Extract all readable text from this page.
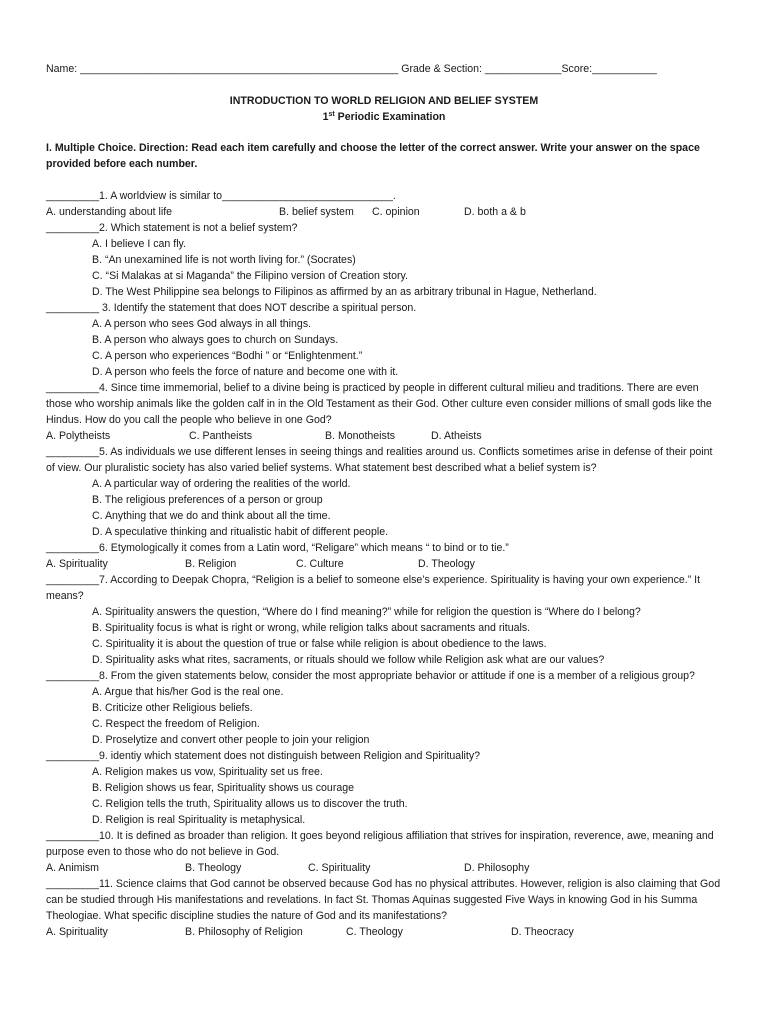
Name: ______________________________________________________ Grade & Section: _____________Score:___________
INTRODUCTION TO WORLD RELIGION AND BELIEF SYSTEM
1st Periodic Examination
I. Multiple Choice. Direction: Read each item carefully and choose the letter of the correct answer. Write your answer on the space provided before each number.
_________1. A worldview is similar to_____________________________.
A. understanding about life	B. belief system C. opinion	D. both a & b
_________2. Which statement is not a belief system?
A. I believe I can fly.
B. “An unexamined life is not worth living for.” (Socrates)
C. “Si Malakas at si Maganda” the Filipino version of Creation story.
D. The West Philippine sea belongs to Filipinos as affirmed by an as arbitrary tribunal in Hague, Netherland.
_________ 3. Identify the statement that does NOT describe a spiritual person.
A. A person who sees God always in all things.
B. A person who always goes to church on Sundays.
C. A person who experiences “Bodhi ” or “Enlightenment.”
D. A person who feels the force of nature and become one with it.
_________4. Since time immemorial, belief to a divine being is practiced by people in different cultural milieu and traditions. There are even those who worship animals like the golden calf in in the Old Testament as their God. Other culture even consider millions of small gods like the Hindus. How do you call the people who believe in one God?
A. Polytheists	C. Pantheists	B. Monotheists	D. Atheists
_________5. As individuals we use different lenses in seeing things and realities around us. Conflicts sometimes arise in defense of their point of view. Our pluralistic society has also varied belief systems. What statement best described what a belief system is?
A. A particular way of ordering the realities of the world.
B. The religious preferences of a person or group
C. Anything that we do and think about all the time.
D. A speculative thinking and ritualistic habit of different people.
_________6. Etymologically it comes from a Latin word, “Religare” which means “ to bind or to tie.”
A. Spirituality	B. Religion	C. Culture	D. Theology
_________7. According to Deepak Chopra, “Religion is a belief to someone else’s experience. Spirituality is having your own experience.” It means?
A. Spirituality answers the question, “Where do I find meaning?” while for religion the question is “Where do I belong?
B. Spirituality focus is what is right or wrong, while religion talks about sacraments and rituals.
C. Spirituality it is about the question of true or false while religion is about obedience to the laws.
D. Spirituality asks what rites, sacraments, or rituals should we follow while Religion ask what are our values?
_________8. From the given statements below, consider the most appropriate behavior or attitude if one is a member of a religious group?
A. Argue that his/her God is the real one.
B. Criticize other Religious beliefs.
C. Respect the freedom of Religion.
D. Proselytize and convert other people to join your religion
_________9. identiy which statement does not distinguish between Religion and Spirituality?
A. Religion makes us vow, Spirituality set us free.
B. Religion shows us fear, Spirituality shows us courage
C. Religion tells the truth, Spirituality allows us to discover the truth.
D. Religion is real Spirituality is metaphysical.
_________10. It is defined as broader than religion. It goes beyond religious affiliation that strives for inspiration, reverence, awe, meaning and purpose even to those who do not believe in God.
A. Animism	B. Theology	C. Spirituality	D. Philosophy
_________11. Science claims that God cannot be observed because God has no physical attributes. However, religion is also claiming that God can be studied through His manifestations and revelations. In fact St. Thomas Aquinas suggested Five Ways in knowing God in his Summa Theologiae. What specific discipline studies the nature of God and its manifestations?
A. Spirituality	B. Philosophy of Religion	C. Theology	D. Theocracy
